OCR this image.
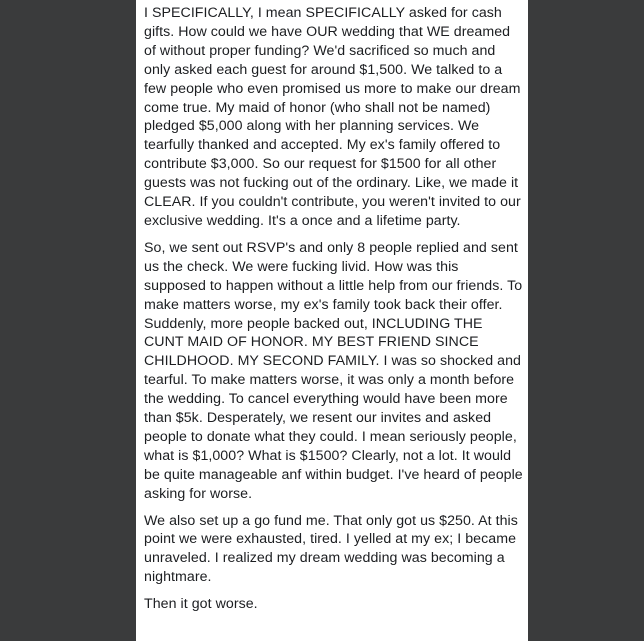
I SPECIFICALLY, I mean SPECIFICALLY asked for cash gifts. How could we have OUR wedding that WE dreamed of without proper funding? We'd sacrificed so much and only asked each guest for around $1,500. We talked to a few people who even promised us more to make our dream come true. My maid of honor (who shall not be named) pledged $5,000 along with her planning services. We tearfully thanked and accepted. My ex's family offered to contribute $3,000. So our request for $1500 for all other guests was not fucking out of the ordinary. Like, we made it CLEAR. If you couldn't contribute, you weren't invited to our exclusive wedding. It's a once and a lifetime party.

So, we sent out RSVP's and only 8 people replied and sent us the check. We were fucking livid. How was this supposed to happen without a little help from our friends. To make matters worse, my ex's family took back their offer. Suddenly, more people backed out, INCLUDING THE CUNT MAID OF HONOR. MY BEST FRIEND SINCE CHILDHOOD. MY SECOND FAMILY. I was so shocked and tearful. To make matters worse, it was only a month before the wedding. To cancel everything would have been more than $5k. Desperately, we resent our invites and asked people to donate what they could. I mean seriously people, what is $1,000? What is $1500? Clearly, not a lot. It would be quite manageable anf within budget. I've heard of people asking for worse.

We also set up a go fund me. That only got us $250. At this point we were exhausted, tired. I yelled at my ex; I became unraveled. I realized my dream wedding was becoming a nightmare.

Then it got worse.
